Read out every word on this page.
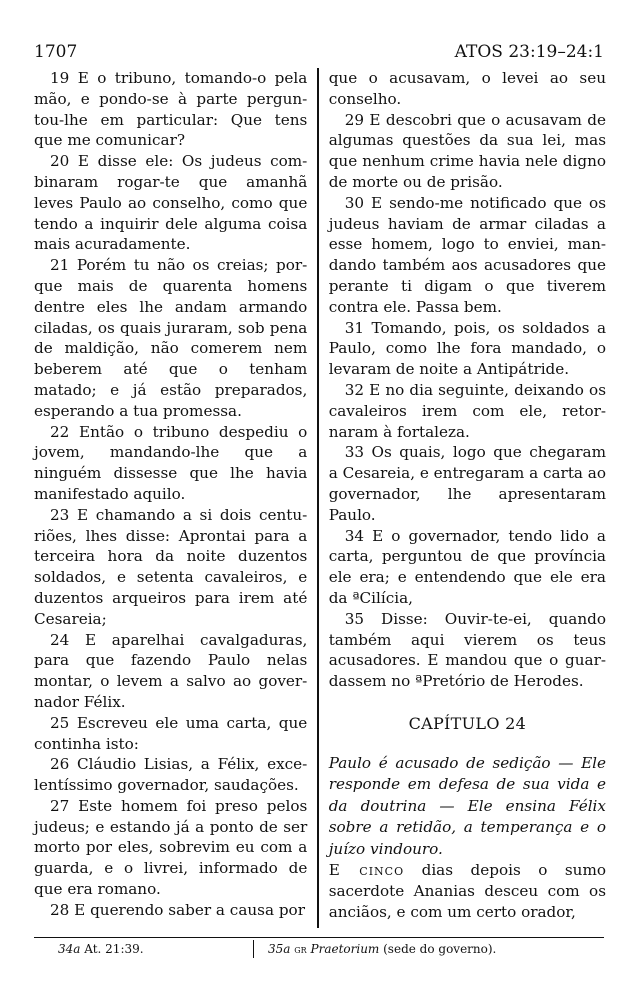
1707	ATOS 23:19–24:1

19 E o tribuno, tomando-o pela mão, e pondo-se à parte perguntou-lhe em particular: Que tens que me comunicar?

20 E disse ele: Os judeus combinaram rogar-te que amanhã leves Paulo ao conselho, como que tendo a inquirir dele alguma coisa mais acuradamente.

21 Porém tu não os creias; porque mais de quarenta homens dentre eles lhe andam armando ciladas, os quais juraram, sob pena de maldição, não comerem nem beberem até que o tenham matado; e já estão preparados, esperando a tua promessa.

22 Então o tribuno despediu o jovem, mandando-lhe que a ninguém dissesse que lhe havia manifestado aquilo.

23 E chamando a si dois centuriões, lhes disse: Aprontai para a terceira hora da noite duzentos soldados, e setenta cavaleiros, e duzentos arqueiros para irem até Cesareia;

24 E aparelhai cavalgaduras, para que fazendo Paulo nelas montar, o levem a salvo ao governador Félix.

25 Escreveu ele uma carta, que continha isto:

26 Cláudio Lisias, a Félix, excelentíssimo governador, saudações.

27 Este homem foi preso pelos judeus; e estando já a ponto de ser morto por eles, sobrevim eu com a guarda, e o livrei, informado de que era romano.

28 E querendo saber a causa por

que o acusavam, o levei ao seu conselho.

29 E descobri que o acusavam de algumas questões da sua lei, mas que nenhum crime havia nele digno de morte ou de prisão.

30 E sendo-me notificado que os judeus haviam de armar ciladas a esse homem, logo to enviei, mandando também aos acusadores que perante ti digam o que tiverem contra ele. Passa bem.

31 Tomando, pois, os soldados a Paulo, como lhe fora mandado, o levaram de noite a Antipátride.

32 E no dia seguinte, deixando os cavaleiros irem com ele, retornaram à fortaleza.

33 Os quais, logo que chegaram a Cesareia, e entregaram a carta ao governador, lhe apresentaram Paulo.

34 E o governador, tendo lido a carta, perguntou de que província ele era; e entendendo que ele era da ªCilícia,

35 Disse: Ouvir-te-ei, quando também aqui vierem os teus acusadores. E mandou que o guardassem no ªPretório de Herodes.

CAPÍTULO 24

Paulo é acusado de sedição — Ele responde em defesa de sua vida e da doutrina — Ele ensina Félix sobre a retidão, a temperança e o juízo vindouro.

E cinco dias depois o sumo sacerdote Ananias desceu com os anciãos, e com um certo orador,

34a At. 21:39.	35a gr Praetorium (sede do governo).
